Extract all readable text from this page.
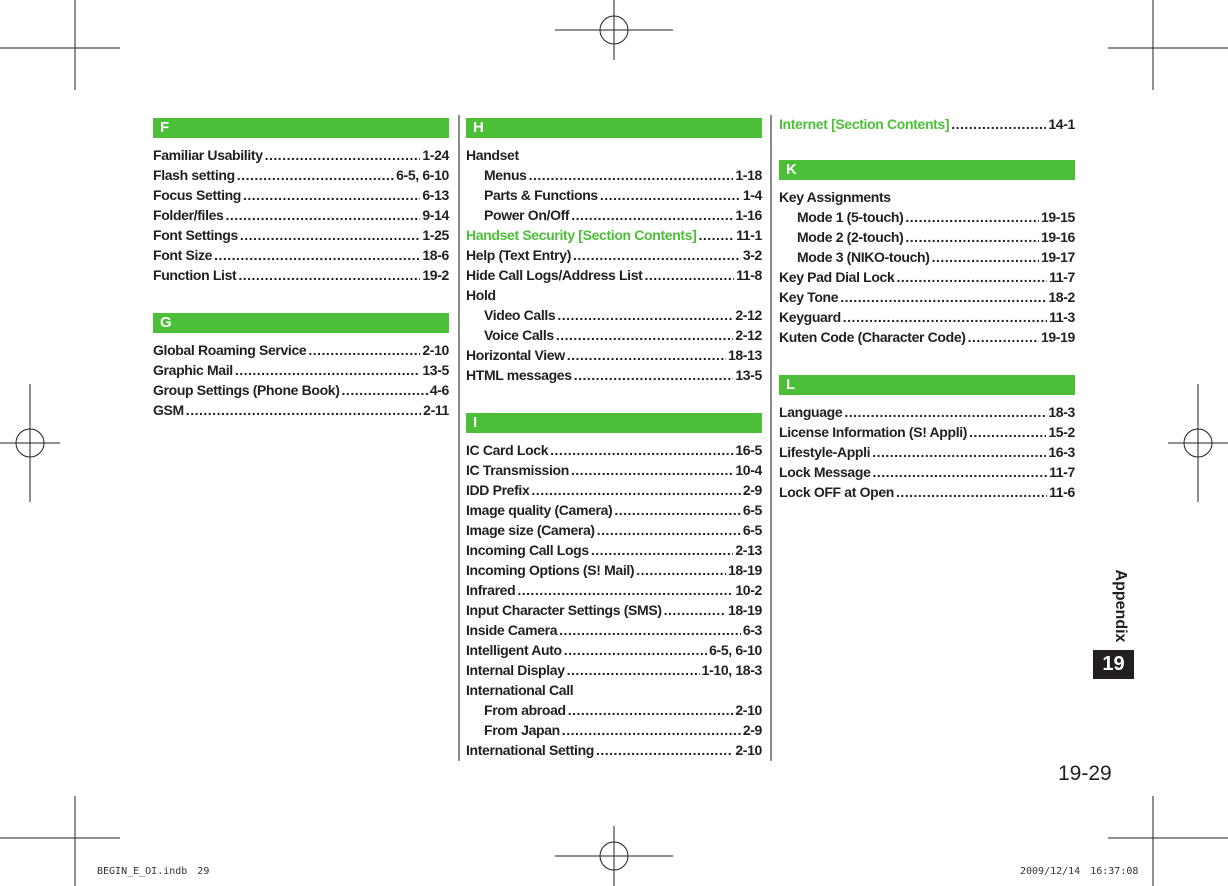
F
Familiar Usability .....	1-24
Flash setting .....	6-5, 6-10
Focus Setting .....	6-13
Folder/files .....	9-14
Font Settings .....	1-25
Font Size .....	18-6
Function List .....	19-2
G
Global Roaming Service .....	2-10
Graphic Mail .....	13-5
Group Settings (Phone Book) .....	4-6
GSM .....	2-11
H
Handset
Menus .....	1-18
Parts & Functions .....	1-4
Power On/Off .....	1-16
Handset Security [Section Contents] .....	11-1
Help (Text Entry) .....	3-2
Hide Call Logs/Address List .....	11-8
Hold
Video Calls .....	2-12
Voice Calls .....	2-12
Horizontal View .....	18-13
HTML messages .....	13-5
I
IC Card Lock .....	16-5
IC Transmission .....	10-4
IDD Prefix .....	2-9
Image quality (Camera) .....	6-5
Image size (Camera) .....	6-5
Incoming Call Logs .....	2-13
Incoming Options (S! Mail) .....	18-19
Infrared .....	10-2
Input Character Settings (SMS) .....	18-19
Inside Camera .....	6-3
Intelligent Auto .....	6-5, 6-10
Internal Display .....	1-10, 18-3
International Call
From abroad .....	2-10
From Japan .....	2-9
International Setting .....	2-10
Internet [Section Contents] .....	14-1
K
Key Assignments
Mode 1 (5-touch) .....	19-15
Mode 2 (2-touch) .....	19-16
Mode 3 (NIKO-touch) .....	19-17
Key Pad Dial Lock .....	11-7
Key Tone .....	18-2
Keyguard .....	11-3
Kuten Code (Character Code) .....	19-19
L
Language .....	18-3
License Information (S! Appli) .....	15-2
Lifestyle-Appli .....	16-3
Lock Message .....	11-7
Lock OFF at Open .....	11-6
Appendix
19
19-29
BEGIN_E_OI.indb　29	2009/12/14　16:37:08
